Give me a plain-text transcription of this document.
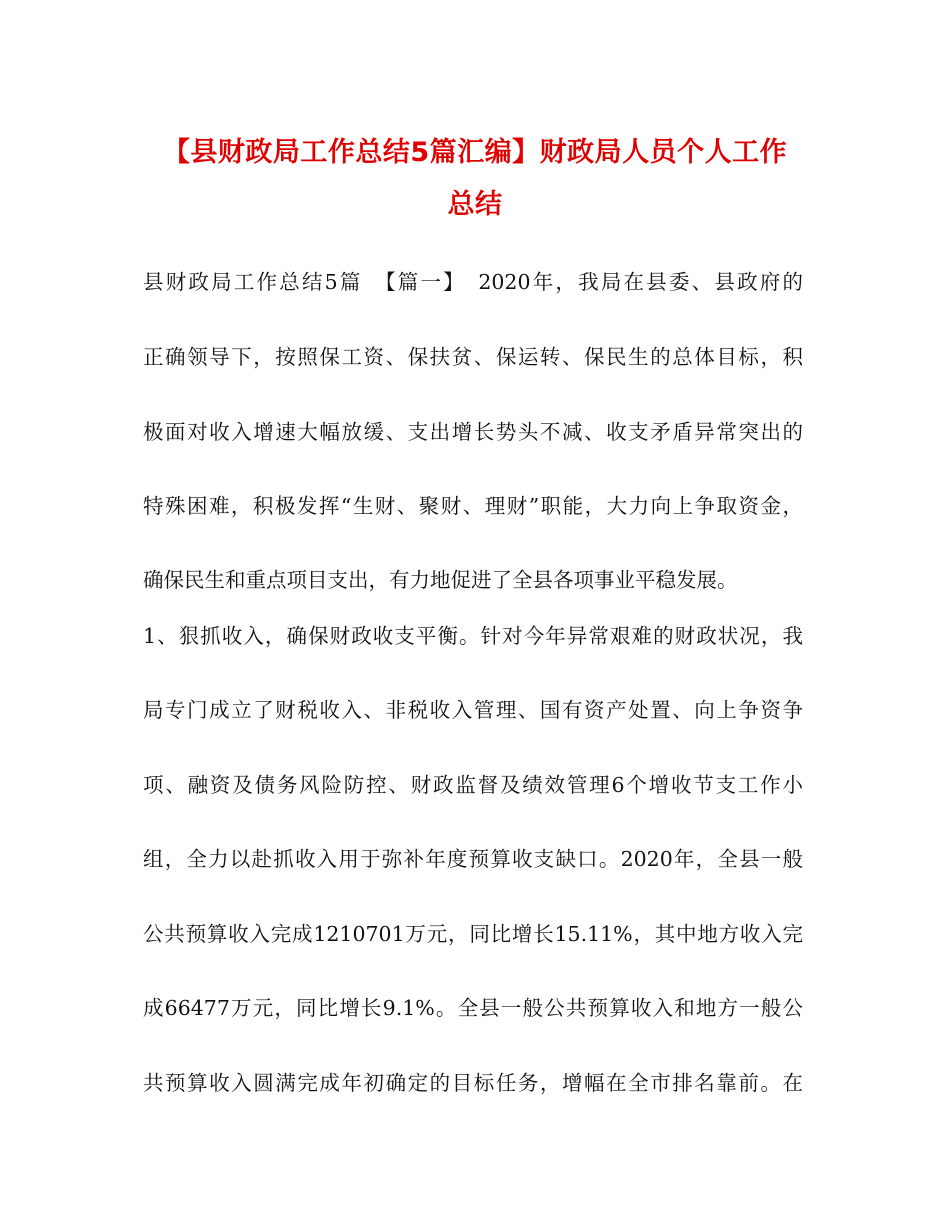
【县财政局工作总结5篇汇编】财政局人员个人工作
总结
县财政局工作总结5篇　【篇一】　2020年，我局在县委、县政府的
正确领导下，按照保工资、保扶贫、保运转、保民生的总体目标，积
极面对收入增速大幅放缓、支出增长势头不减、收支矛盾异常突出的
特殊困难，积极发挥“生财、聚财、理财”职能，大力向上争取资金，
确保民生和重点项目支出，有力地促进了全县各项事业平稳发展。
1、狠抓收入，确保财政收支平衡。针对今年异常艰难的财政状况，我
局专门成立了财税收入、非税收入管理、国有资产处置、向上争资争
项、融资及债务风险防控、财政监督及绩效管理6个增收节支工作小
组，全力以赴抓收入用于弥补年度预算收支缺口。2020年，全县一般
公共预算收入完成1210701万元，同比增长15.11%，其中地方收入完
成66477万元，同比增长9.1%。全县一般公共预算收入和地方一般公
共预算收入圆满完成年初确定的目标任务，增幅在全市排名靠前。在
